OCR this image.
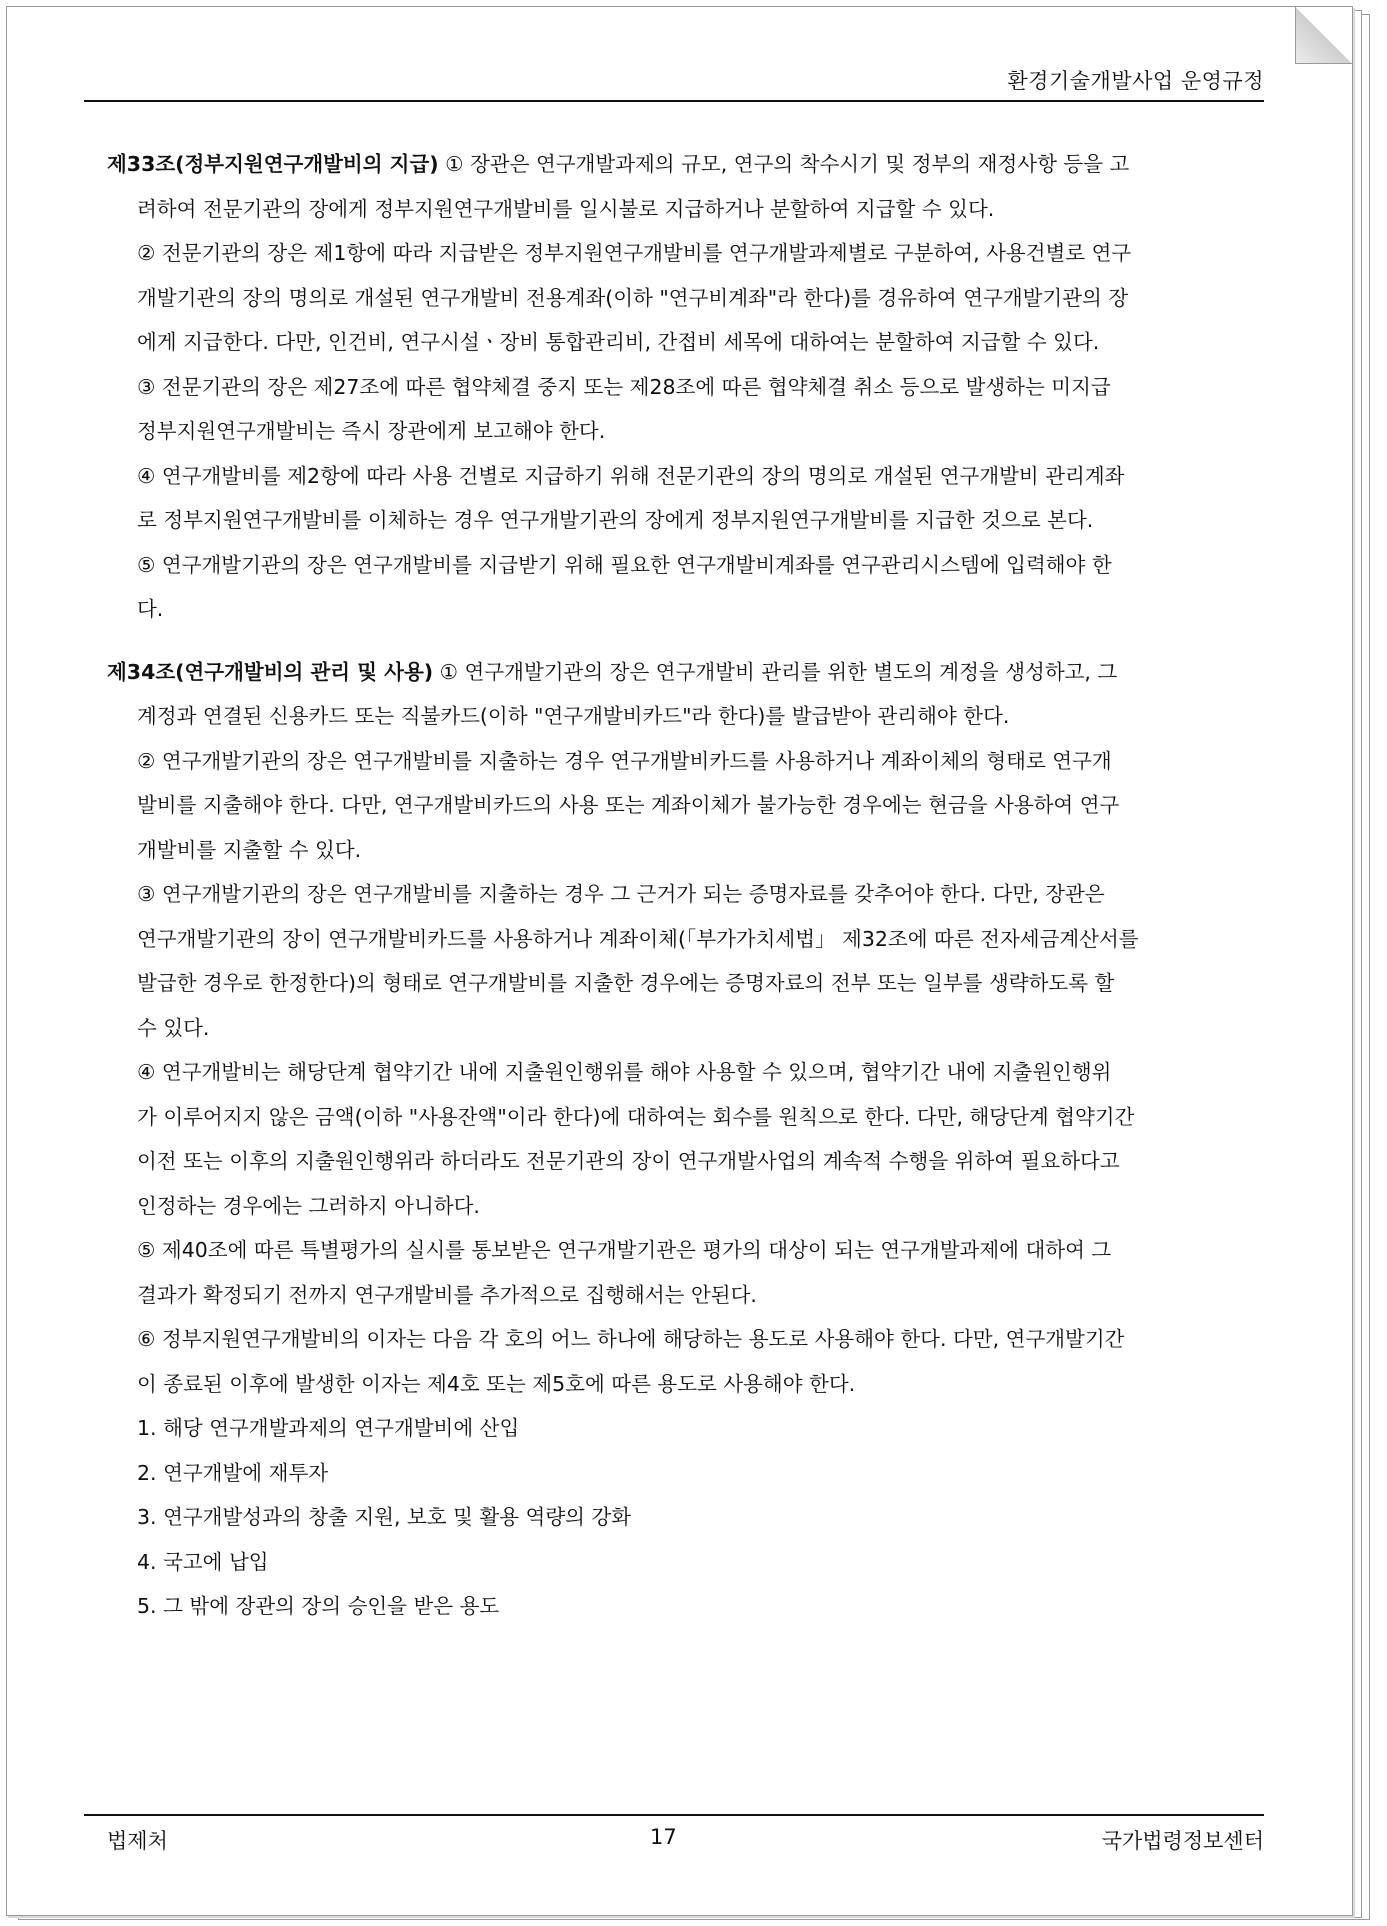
환경기술개발사업 운영규정
제33조(정부지원연구개발비의 지급) ① 장관은 연구개발과제의 규모, 연구의 착수시기 및 정부의 재정사항 등을 고
려하여 전문기관의 장에게 정부지원연구개발비를 일시불로 지급하거나 분할하여 지급할 수 있다.
② 전문기관의 장은 제1항에 따라 지급받은 정부지원연구개발비를 연구개발과제별로 구분하여, 사용건별로 연구
개발기관의 장의 명의로 개설된 연구개발비 전용계좌(이하 "연구비계좌"라 한다)를 경유하여 연구개발기관의 장
에게 지급한다. 다만, 인건비, 연구시설ㆍ장비 통합관리비, 간접비 세목에 대하여는 분할하여 지급할 수 있다.
③ 전문기관의 장은 제27조에 따른 협약체결 중지 또는 제28조에 따른 협약체결 취소 등으로 발생하는 미지급
정부지원연구개발비는 즉시 장관에게 보고해야 한다.
④ 연구개발비를 제2항에 따라 사용 건별로 지급하기 위해 전문기관의 장의 명의로 개설된 연구개발비 관리계좌
로 정부지원연구개발비를 이체하는 경우 연구개발기관의 장에게 정부지원연구개발비를 지급한 것으로 본다.
⑤ 연구개발기관의 장은 연구개발비를 지급받기 위해 필요한 연구개발비계좌를 연구관리시스템에 입력해야 한
다.
제34조(연구개발비의 관리 및 사용) ① 연구개발기관의 장은 연구개발비 관리를 위한 별도의 계정을 생성하고, 그
계정과 연결된 신용카드 또는 직불카드(이하 "연구개발비카드"라 한다)를 발급받아 관리해야 한다.
② 연구개발기관의 장은 연구개발비를 지출하는 경우 연구개발비카드를 사용하거나 계좌이체의 형태로 연구개
발비를 지출해야 한다. 다만, 연구개발비카드의 사용 또는 계좌이체가 불가능한 경우에는 현금을 사용하여 연구
개발비를 지출할 수 있다.
③ 연구개발기관의 장은 연구개발비를 지출하는 경우 그 근거가 되는 증명자료를 갖추어야 한다. 다만, 장관은
연구개발기관의 장이 연구개발비카드를 사용하거나 계좌이체(「부가가치세법」 제32조에 따른 전자세금계산서를
발급한 경우로 한정한다)의 형태로 연구개발비를 지출한 경우에는 증명자료의 전부 또는 일부를 생략하도록 할
수 있다.
④ 연구개발비는 해당단계 협약기간 내에 지출원인행위를 해야 사용할 수 있으며, 협약기간 내에 지출원인행위
가 이루어지지 않은 금액(이하 "사용잔액"이라 한다)에 대하여는 회수를 원칙으로 한다. 다만, 해당단계 협약기간
이전 또는 이후의 지출원인행위라 하더라도 전문기관의 장이 연구개발사업의 계속적 수행을 위하여 필요하다고
인정하는 경우에는 그러하지 아니하다.
⑤ 제40조에 따른 특별평가의 실시를 통보받은 연구개발기관은 평가의 대상이 되는 연구개발과제에 대하여 그
결과가 확정되기 전까지 연구개발비를 추가적으로 집행해서는 안된다.
⑥ 정부지원연구개발비의 이자는 다음 각 호의 어느 하나에 해당하는 용도로 사용해야 한다. 다만, 연구개발기간
이 종료된 이후에 발생한 이자는 제4호 또는 제5호에 따른 용도로 사용해야 한다.
1. 해당 연구개발과제의 연구개발비에 산입
2. 연구개발에 재투자
3. 연구개발성과의 창출 지원, 보호 및 활용 역량의 강화
4. 국고에 납입
5. 그 밖에 장관의 장의 승인을 받은 용도
법제처	17	국가법령정보센터
